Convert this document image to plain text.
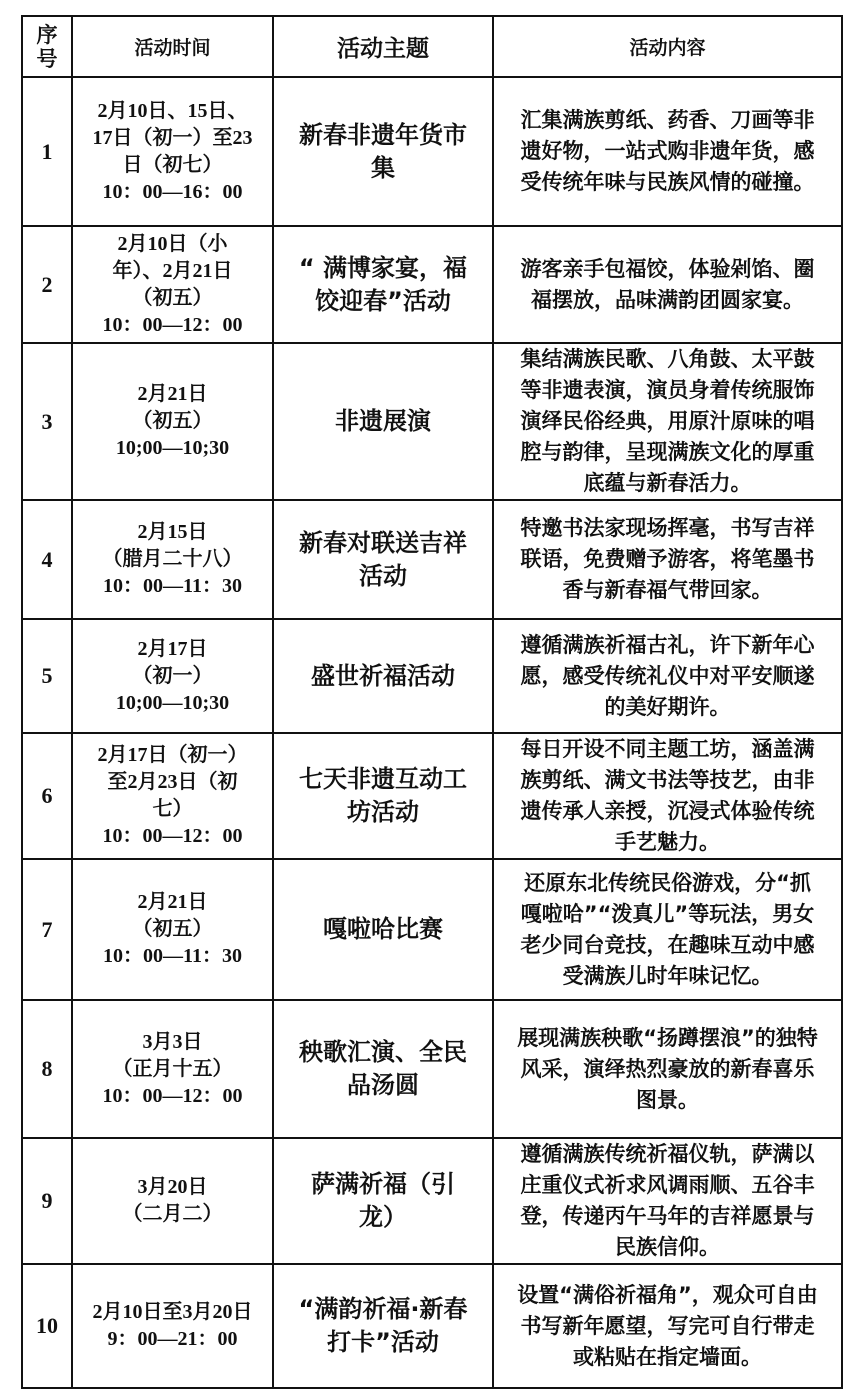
序
号	活动时间	活动主题	活动内容
1	2月10日、15日、
17日（初一）至23
日（初七）
10：00—16：00	新春非遗年货市
集	汇集满族剪纸、药香、刀画等非
遗好物，一站式购非遗年货，感
受传统年味与民族风情的碰撞。

2	2月10日（小
年）、2月21日
（初五）
10：00—12：00	“ 满博家宴，福
饺迎春”活动	游客亲手包福饺，体验剁馅、圈
福摆放，品味满韵团圆家宴。

3	2月21日
（初五）
10;00—10;30	非遗展演	集结满族民歌、八角鼓、太平鼓
等非遗表演，演员身着传统服饰
演绎民俗经典，用原汁原味的唱
腔与韵律，呈现满族文化的厚重
底蕴与新春活力。

4	2月15日
（腊月二十八）
10：00—11：30	新春对联送吉祥
活动	特邀书法家现场挥毫，书写吉祥
联语，免费赠予游客，将笔墨书
香与新春福气带回家。

5	2月17日
（初一）
10;00—10;30	盛世祈福活动	遵循满族祈福古礼，许下新年心
愿，感受传统礼仪中对平安顺遂
的美好期许。

6	2月17日（初一）
至2月23日（初
七）
10：00—12：00	七天非遗互动工
坊活动	每日开设不同主题工坊，涵盖满
族剪纸、满文书法等技艺，由非
遗传承人亲授，沉浸式体验传统
手艺魅力。

7	2月21日
（初五）
10：00—11：30	嘎啦哈比赛	还原东北传统民俗游戏，分“抓
嘎啦哈”“泼真儿”等玩法，男女
老少同台竞技，在趣味互动中感
受满族儿时年味记忆。

8	3月3日
（正月十五）
10：00—12：00	秧歌汇演、全民
品汤圆	展现满族秧歌“扬蹲摆浪”的独特
风采，演绎热烈豪放的新春喜乐
图景。

9	3月20日
（二月二）	萨满祈福（引
龙）	遵循满族传统祈福仪轨，萨满以
庄重仪式祈求风调雨顺、五谷丰
登，传递丙午马年的吉祥愿景与
民族信仰。

10	2月10日至3月20日
9：00—21：00	“满韵祈福·新春
打卡”活动	设置“满俗祈福角”，观众可自由
书写新年愿望，写完可自行带走
或粘贴在指定墙面。
